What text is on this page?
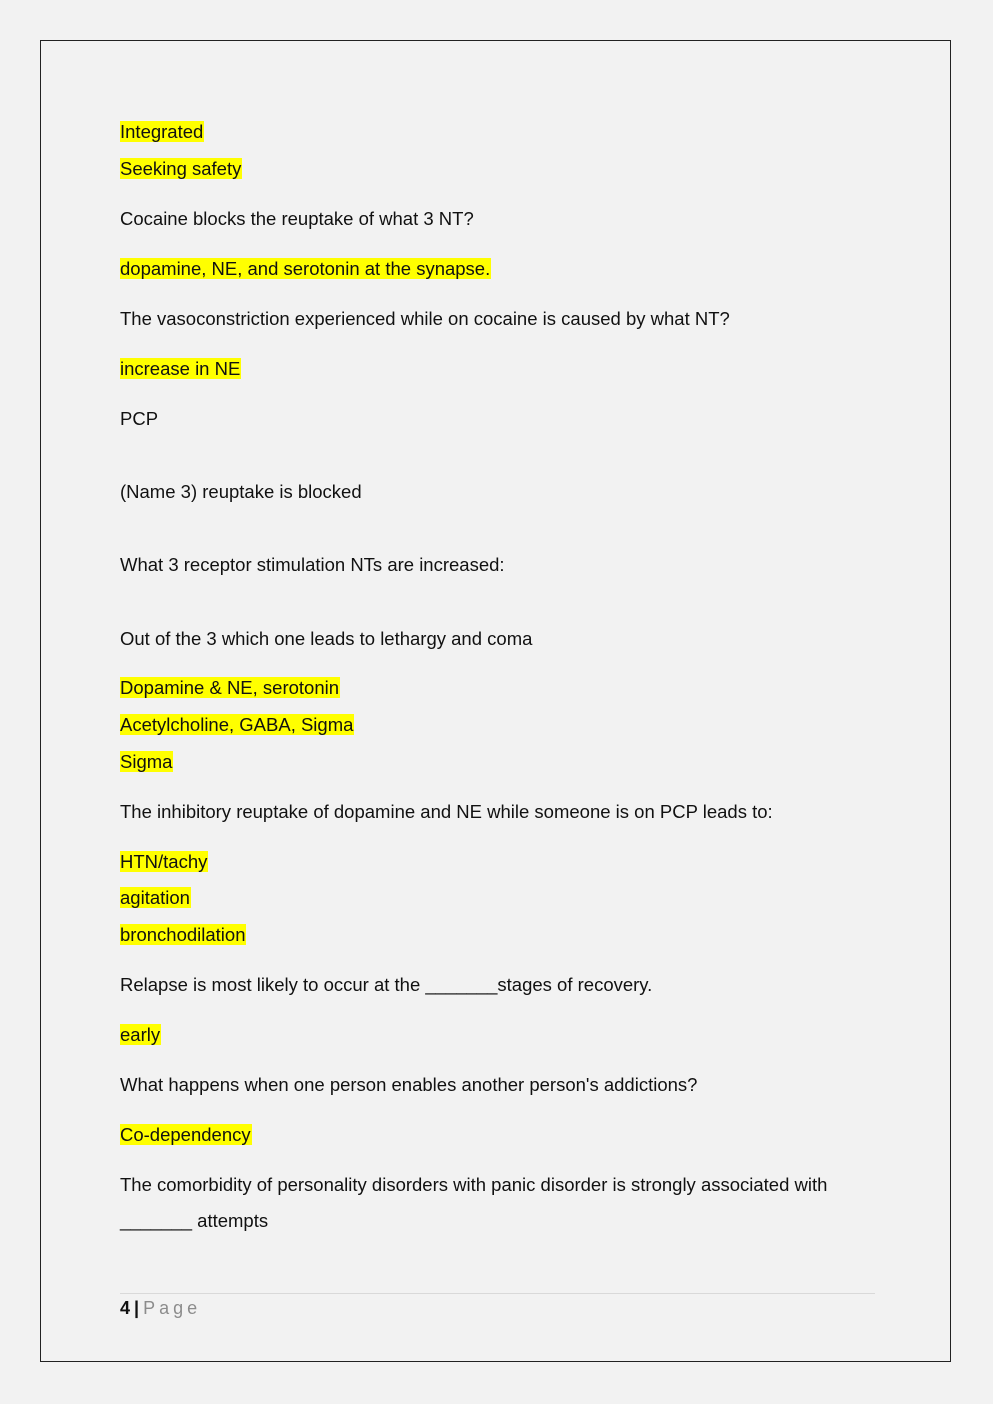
Integrated
Seeking safety
Cocaine blocks the reuptake of what 3 NT?
dopamine, NE, and serotonin at the synapse.
The vasoconstriction experienced while on cocaine is caused by what NT?
increase in NE
PCP
(Name 3) reuptake is blocked
What 3 receptor stimulation NTs are increased:
Out of the 3 which one leads to lethargy and coma
Dopamine & NE, serotonin
Acetylcholine, GABA, Sigma
Sigma
The inhibitory reuptake of dopamine and NE while someone is on PCP leads to:
HTN/tachy
agitation
bronchodilation
Relapse is most likely to occur at the _______stages of recovery.
early
What happens when one person enables another person's addictions?
Co-dependency
The comorbidity of personality disorders with panic disorder is strongly associated with
_______ attempts
4 | Page
